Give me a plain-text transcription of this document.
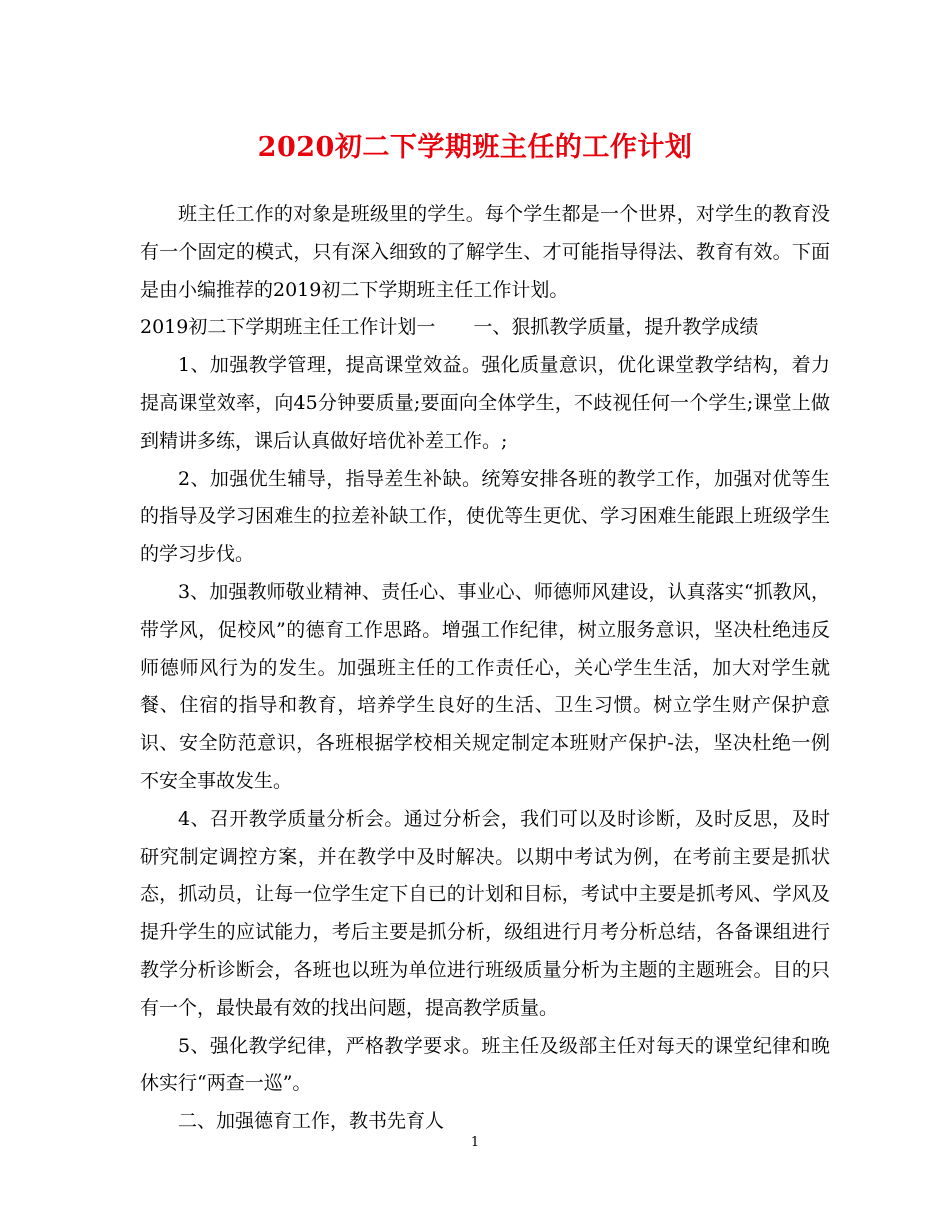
2020初二下学期班主任的工作计划

班主任工作的对象是班级里的学生。每个学生都是一个世界，对学生的教育没有一个固定的模式，只有深入细致的了解学生、才可能指导得法、教育有效。下面是由小编推荐的2019初二下学期班主任工作计划。

2019初二下学期班主任工作计划一 一、狠抓教学质量，提升教学成绩

1、加强教学管理，提高课堂效益。强化质量意识，优化课堂教学结构，着力提高课堂效率，向45分钟要质量;要面向全体学生，不歧视任何一个学生;课堂上做到精讲多练，课后认真做好培优补差工作。;

2、加强优生辅导，指导差生补缺。统筹安排各班的教学工作，加强对优等生的指导及学习困难生的拉差补缺工作，使优等生更优、学习困难生能跟上班级学生的学习步伐。

3、加强教师敬业精神、责任心、事业心、师德师风建设，认真落实“抓教风，带学风，促校风”的德育工作思路。增强工作纪律，树立服务意识，坚决杜绝违反师德师风行为的发生。加强班主任的工作责任心，关心学生生活，加大对学生就餐、住宿的指导和教育，培养学生良好的生活、卫生习惯。树立学生财产保护意识、安全防范意识，各班根据学校相关规定制定本班财产保护-法，坚决杜绝一例不安全事故发生。

4、召开教学质量分析会。通过分析会，我们可以及时诊断，及时反思，及时研究制定调控方案，并在教学中及时解决。以期中考试为例，在考前主要是抓状态，抓动员，让每一位学生定下自已的计划和目标，考试中主要是抓考风、学风及提升学生的应试能力，考后主要是抓分析，级组进行月考分析总结，各备课组进行教学分析诊断会，各班也以班为单位进行班级质量分析为主题的主题班会。目的只有一个，最快最有效的找出问题，提高教学质量。

5、强化教学纪律，严格教学要求。班主任及级部主任对每天的课堂纪律和晚休实行“两查一巡”。

二、加强德育工作，教书先育人

1
